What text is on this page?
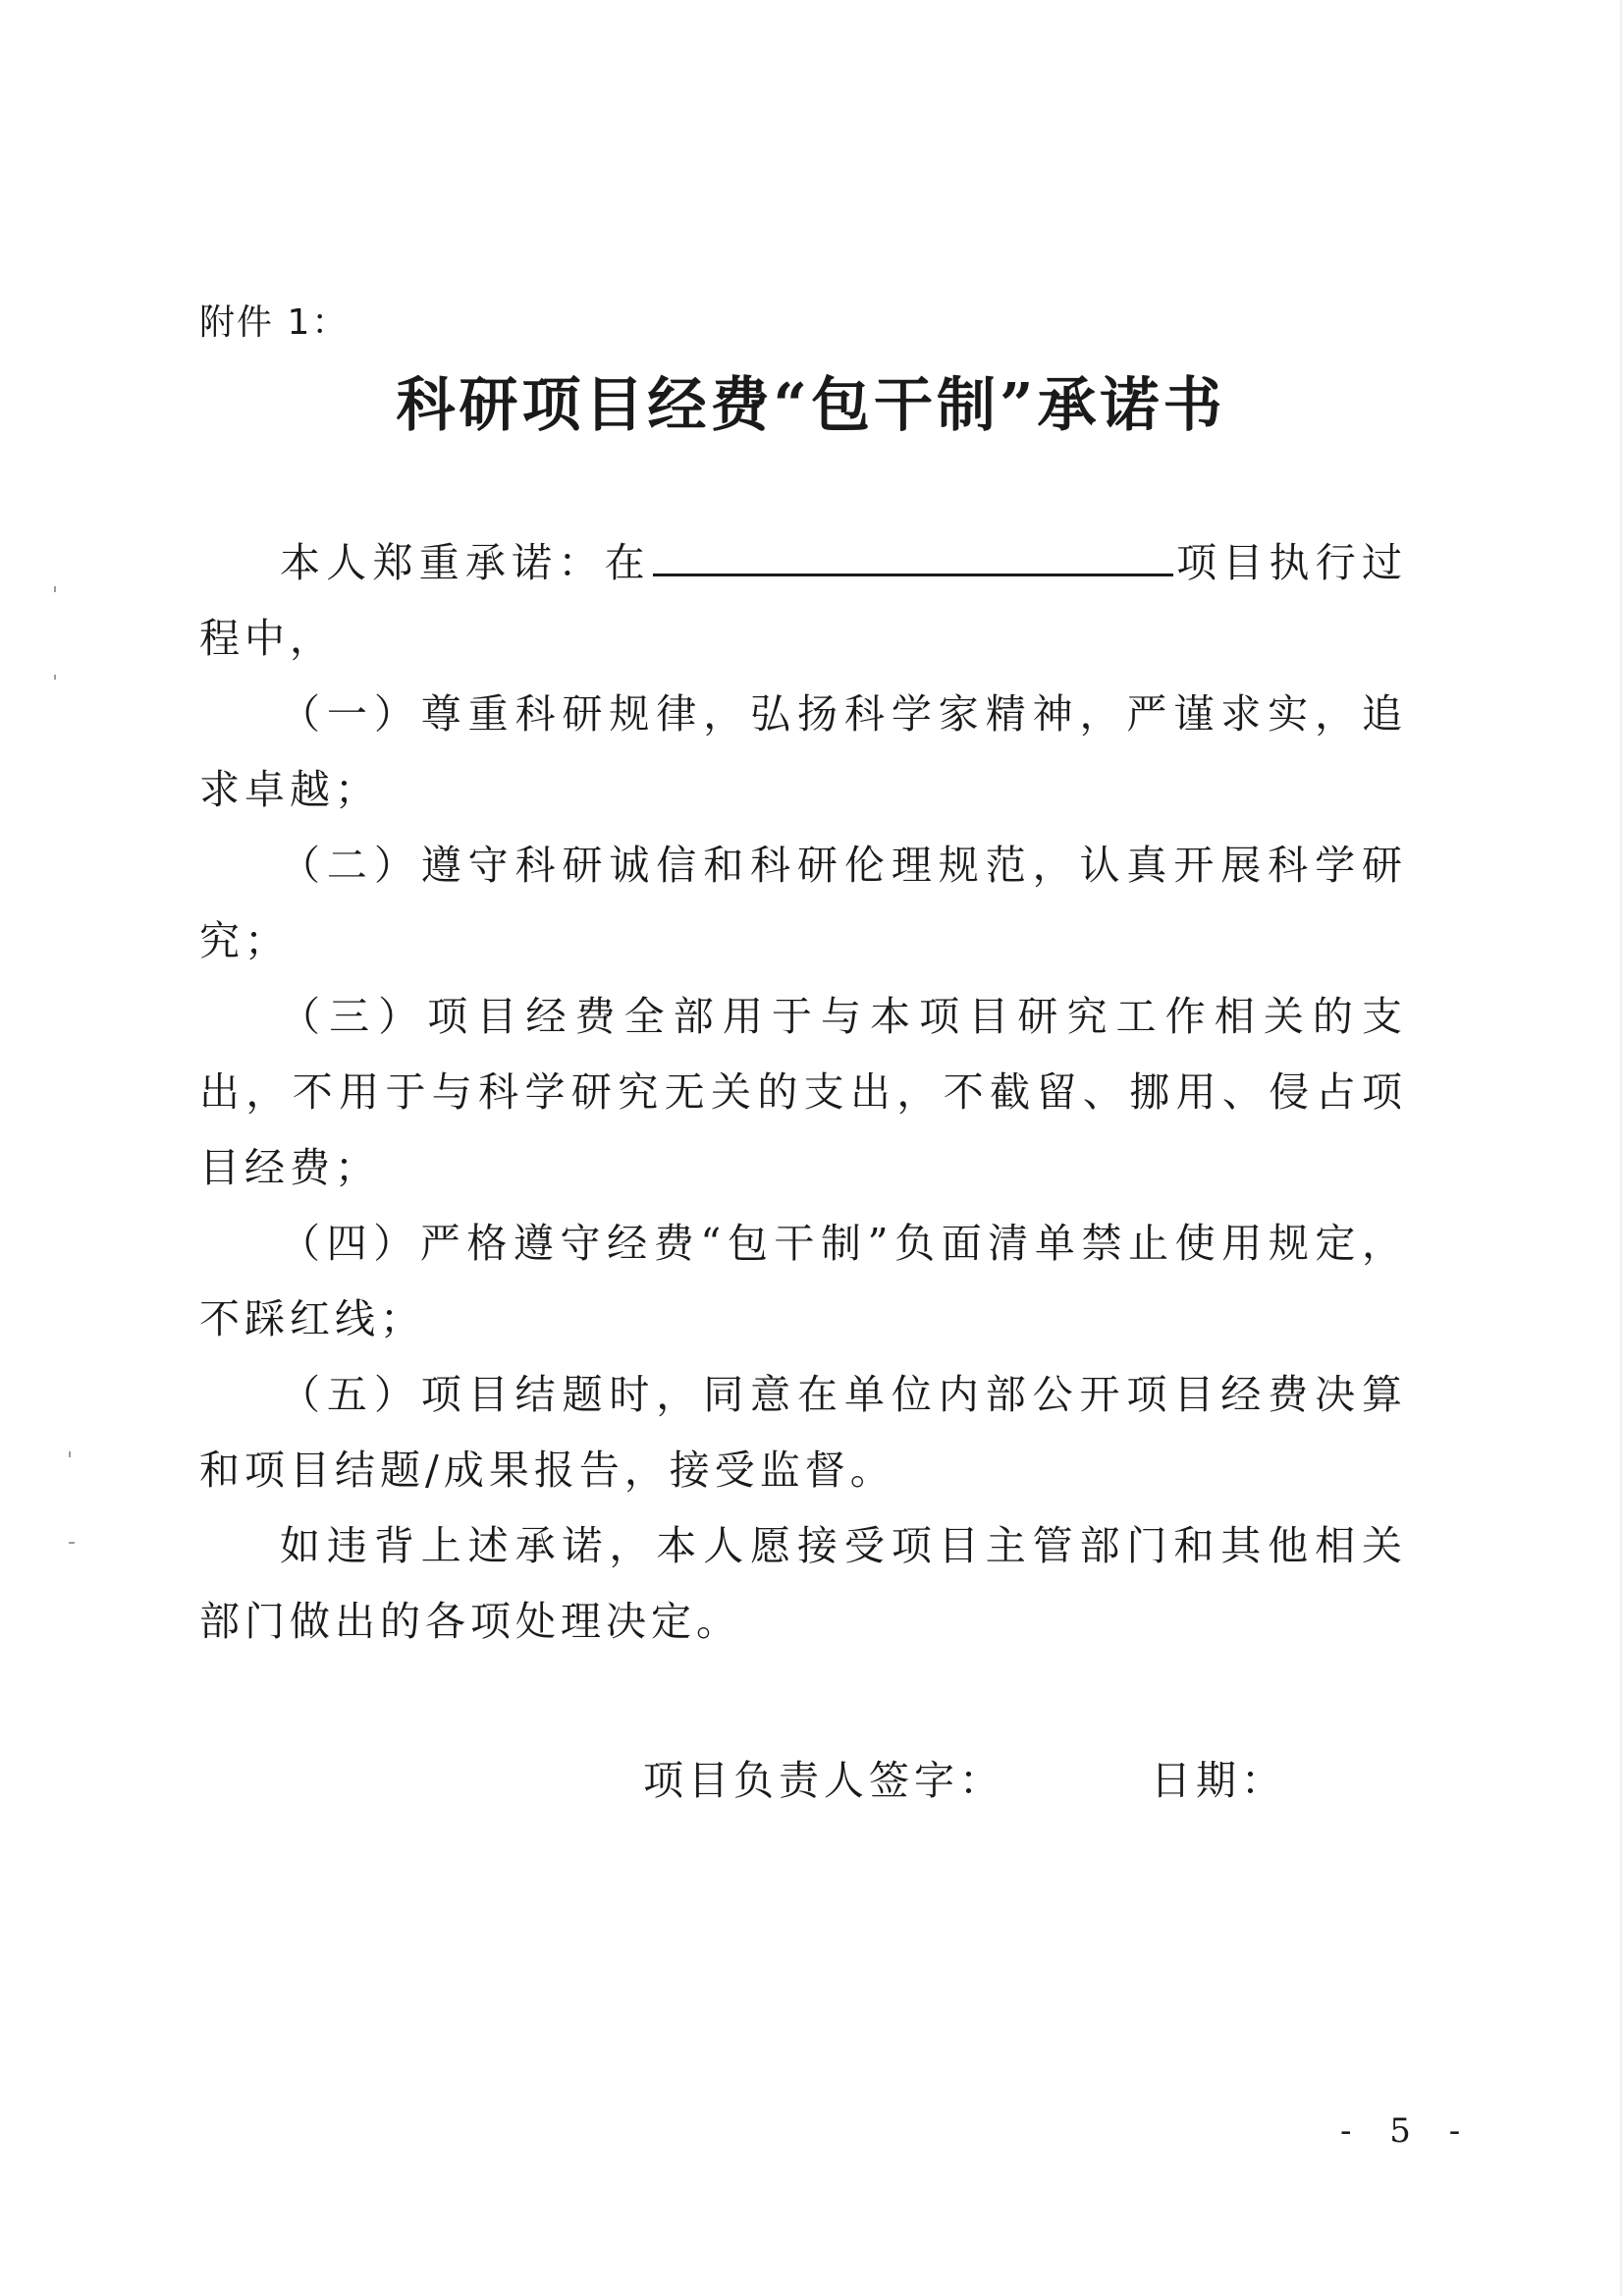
附件 1：
科研项目经费“包干制”承诺书

本人郑重承诺：在	项目执行过程中，

（一）尊重科研规律，弘扬科学家精神，严谨求实，追求卓越；

（二）遵守科研诚信和科研伦理规范，认真开展科学研究；

（三）项目经费全部用于与本项目研究工作相关的支出，不用于与科学研究无关的支出，不截留、挪用、侵占项目经费；

（四）严格遵守经费“包干制”负面清单禁止使用规定，不踩红线；

（五）项目结题时，同意在单位内部公开项目经费决算和项目结题/成果报告，接受监督。

如违背上述承诺，本人愿接受项目主管部门和其他相关部门做出的各项处理决定。

项目负责人签字：	日期：
- 5 -
